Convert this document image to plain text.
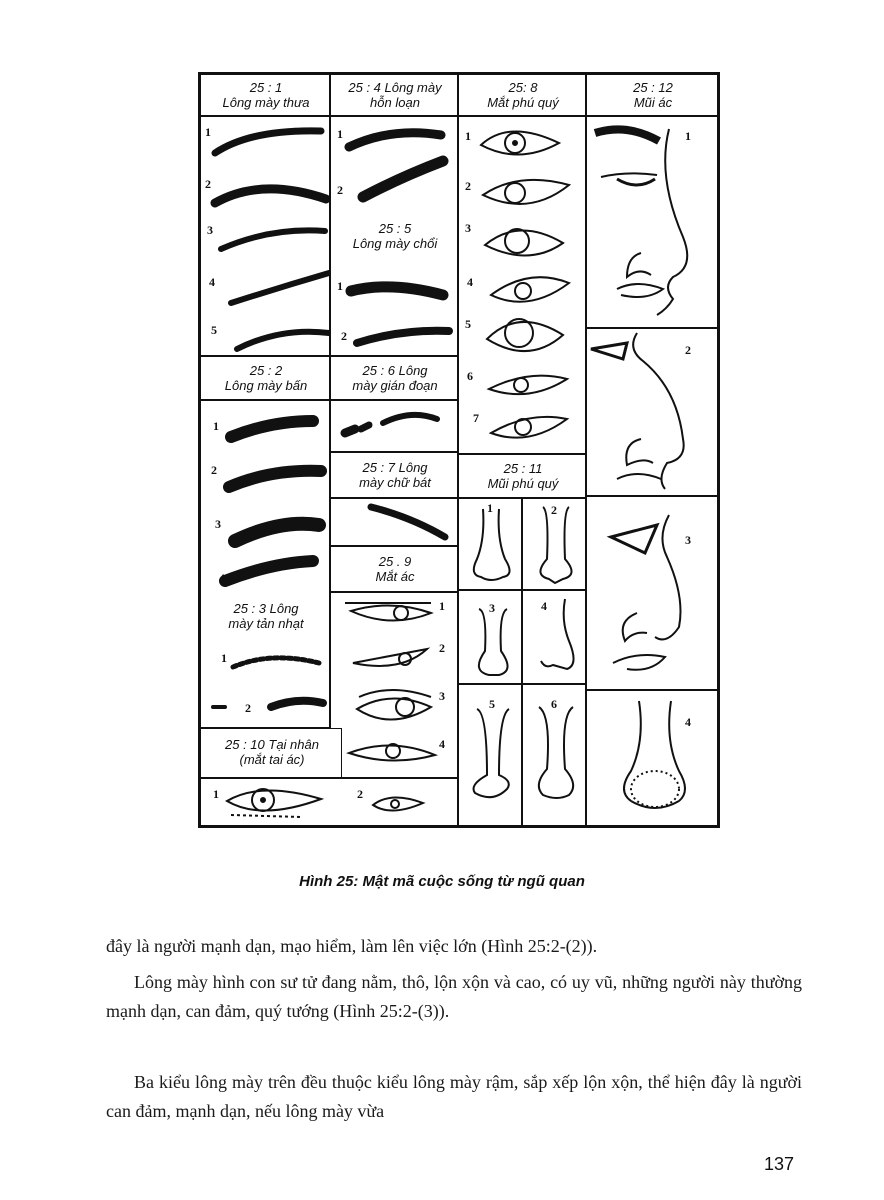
25 : 1
Lông mày thưa
1
2
3
4
5
25 : 4 Lông mày
hỗn loạn
1
2
25 : 5
Lông mày chổi
1
2
25: 8
Mắt phú quý
1
2
3
4
5
6
7
25 : 12
Mũi ác
1
2
3
4
25 : 2
Lông mày bấn
1
2
3
4
25 : 3 Lông
mày tản nhạt
1
2
25 : 6 Lông
mày gián đoạn
25 : 7 Lông
mày chữ bát
25 . 9
Mắt ác
1
2
3
4
25 : 11
Mũi phú quý
1	2
3	4
5	6
25 : 10 Tại nhân
(mắt tai ác)
1	2
Hình 25: Mật mã cuộc sống từ ngũ quan
đây là người mạnh dạn, mạo hiểm, làm lên việc lớn (Hình 25:2-(2)).
Lông mày hình con sư tử đang nằm, thô, lộn xộn và cao, có uy vũ, những người này thường mạnh dạn, can đảm, quý tướng (Hình 25:2-(3)).
Ba kiểu lông mày trên đều thuộc kiểu lông mày rậm, sắp xếp lộn xộn, thể hiện đây là người can đảm, mạnh dạn, nếu lông mày vừa
137
